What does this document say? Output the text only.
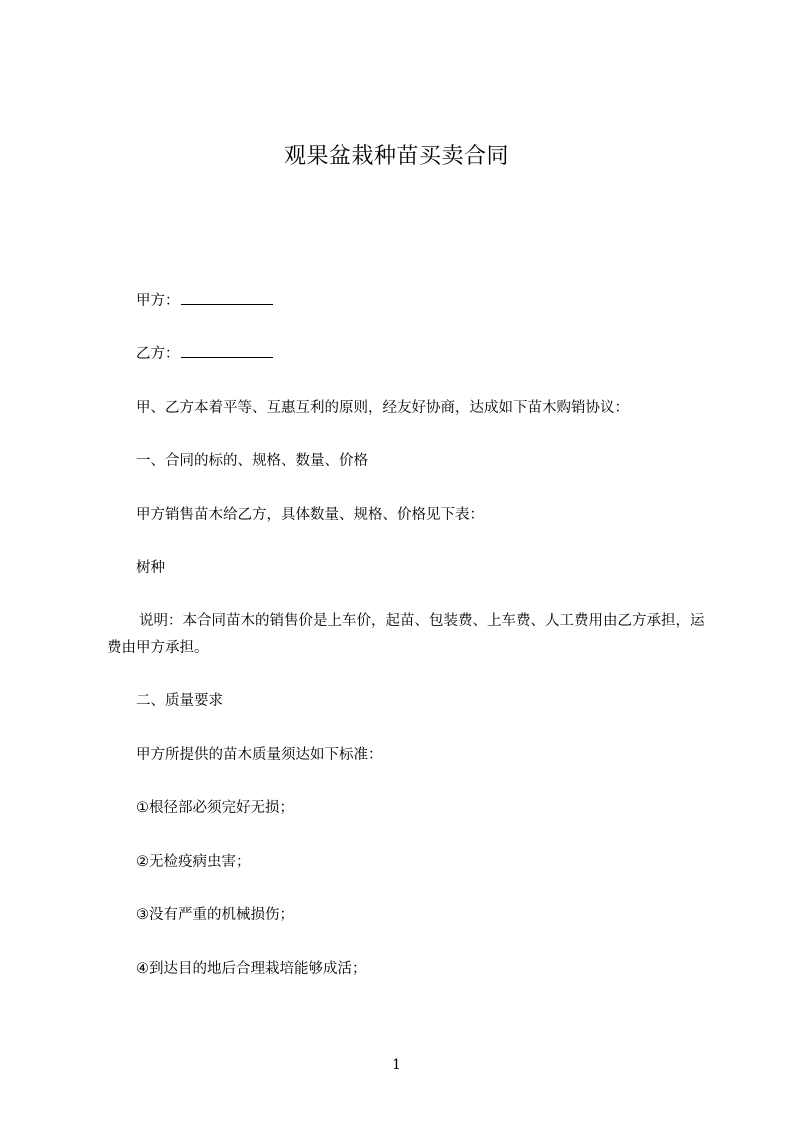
观果盆栽种苗买卖合同
甲方：
乙方：
甲、乙方本着平等、互惠互利的原则，经友好协商，达成如下苗木购销协议：
一、合同的标的、规格、数量、价格
甲方销售苗木给乙方，具体数量、规格、价格见下表：
树种
说明：本合同苗木的销售价是上车价，起苗、包装费、上车费、人工费用由乙方承担，运费由甲方承担。
二、质量要求
甲方所提供的苗木质量须达如下标准：
①根径部必须完好无损；
②无检疫病虫害；
③没有严重的机械损伤；
④到达目的地后合理栽培能够成活；
1
